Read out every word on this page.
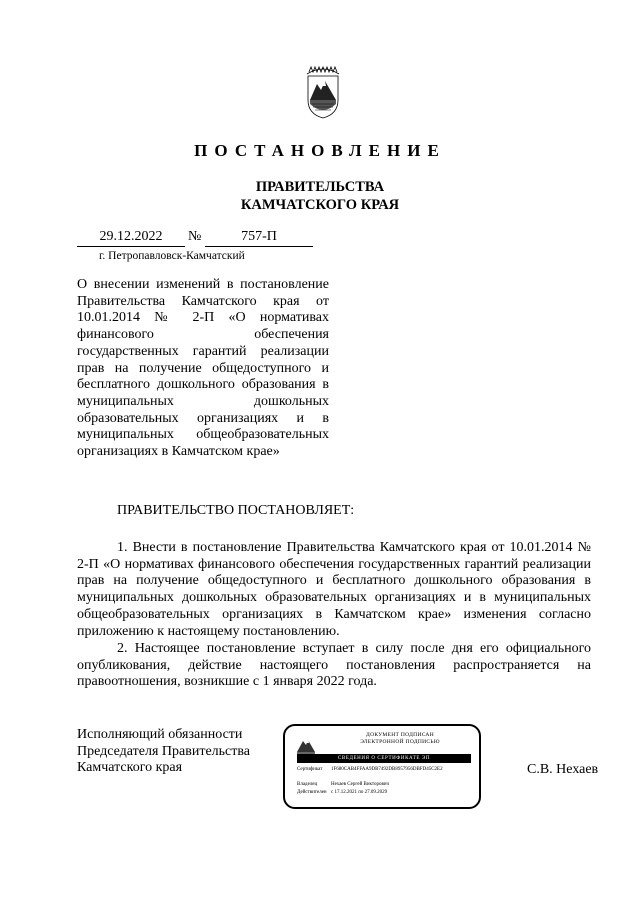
ПОСТАНОВЛЕНИЕ
ПРАВИТЕЛЬСТВА
КАМЧАТСКОГО КРАЯ
29.12.2022	№	757-П
г. Петропавловск-Камчатский
О внесении изменений в постановление Правительства Камчатского края от 10.01.2014 № 2-П «О нормативах финансового обеспечения государственных гарантий реализации прав на получение общедоступного и бесплатного дошкольного образования в муниципальных дошкольных образовательных организациях и в муниципальных общеобразовательных организациях в Камчатском крае»
ПРАВИТЕЛЬСТВО ПОСТАНОВЛЯЕТ:
1. Внести в постановление Правительства Камчатского края от 10.01.2014 № 2-П «О нормативах финансового обеспечения государственных гарантий реализации прав на получение общедоступного и бесплатного дошкольного образования в муниципальных дошкольных образовательных организациях и в муниципальных общеобразовательных организациях в Камчатском крае» изменения согласно приложению к настоящему постановлению.
2. Настоящее постановление вступает в силу после дня его официального опубликования, действие настоящего постановления распространяется на правоотношения, возникшие с 1 января 2022 года.
Исполняющий обязанности
Председателя Правительства
Камчатского края
ДОКУМЕНТ ПОДПИСАН
ЭЛЕКТРОННОЙ ПОДПИСЬЮ
СВЕДЕНИЯ О СЕРТИФИКАТЕ ЭП
Сертификат 1F680CAB4FFAA9DB7492DB8957956DBFD45C2E2
Владелец	Нехаев Сергей Викторович
Действителен с 17.12.2021 по 27.09.2029
С.В. Нехаев
